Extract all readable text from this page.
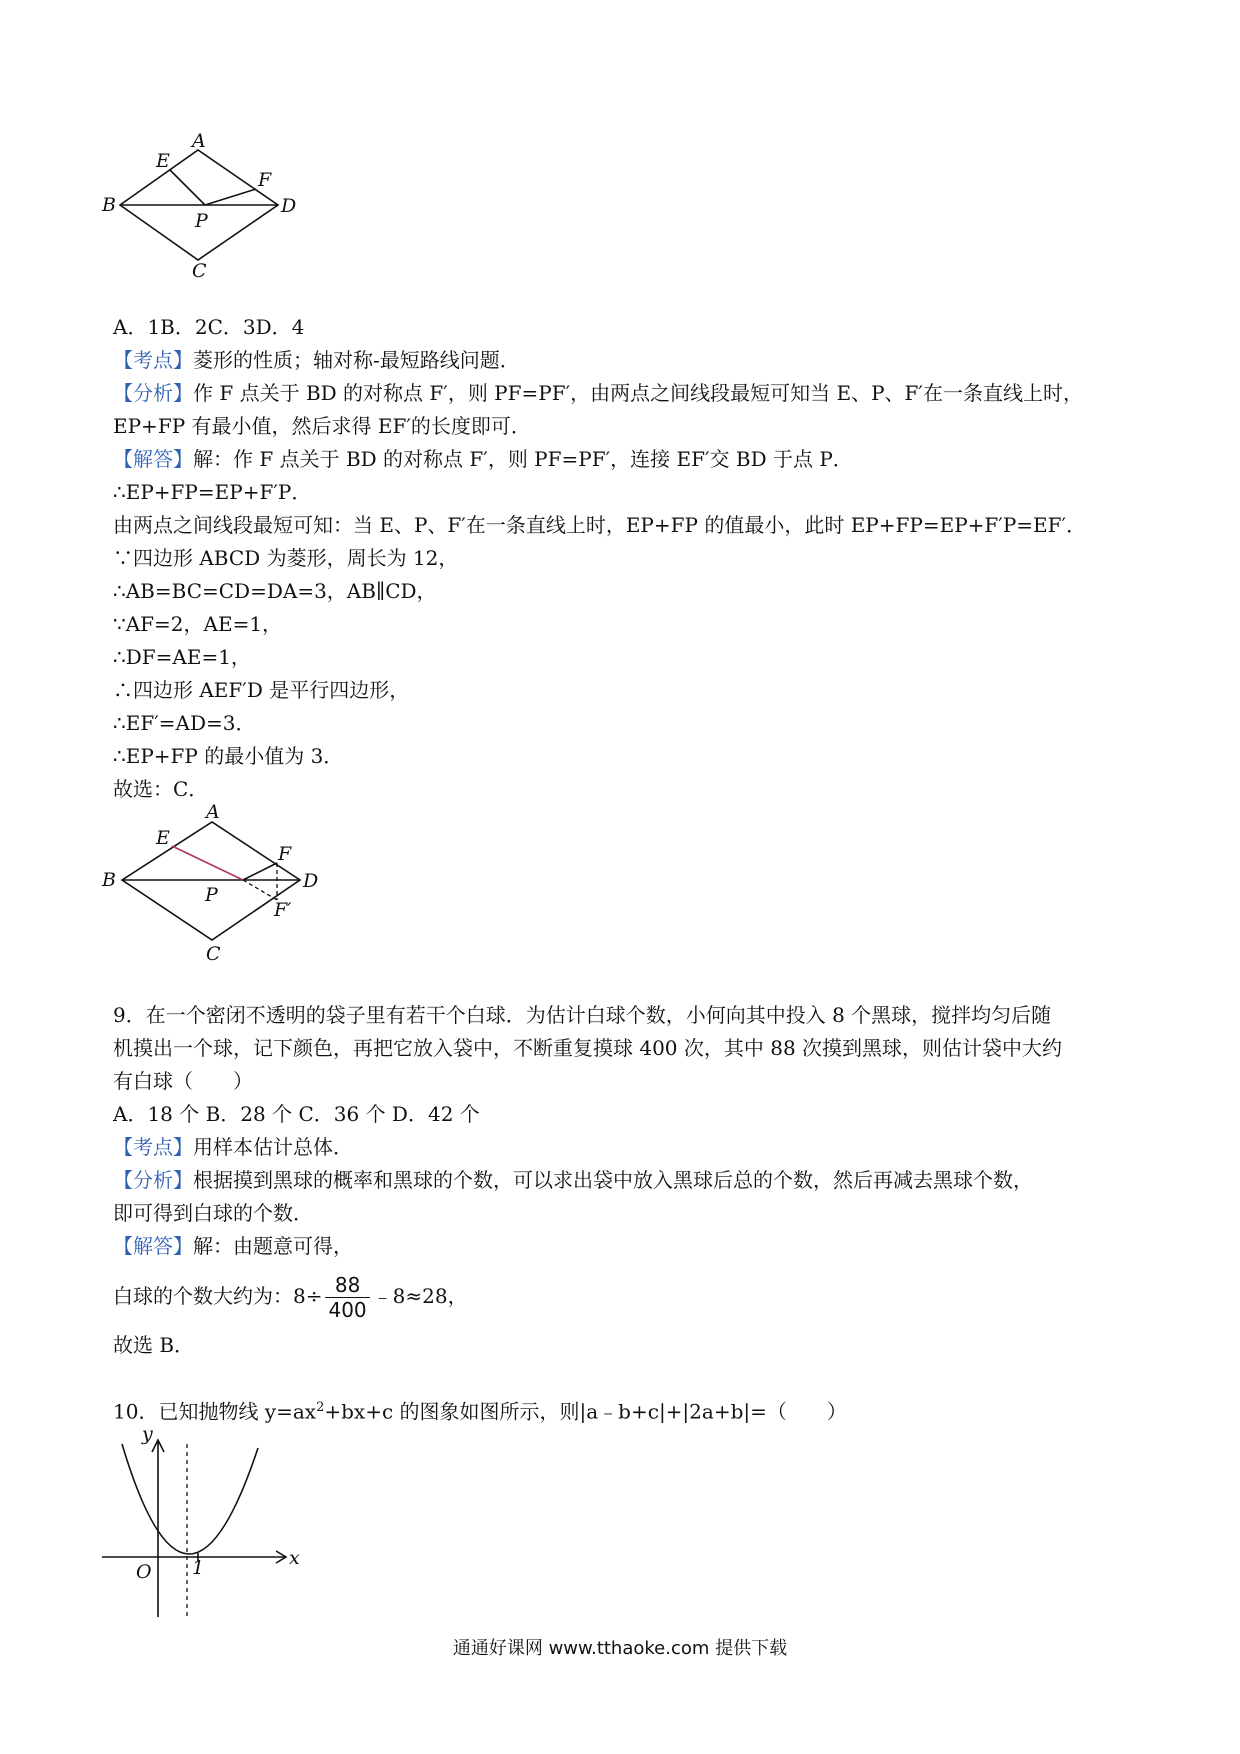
A
E
F
B
P
D
C
A．1B．2C．3D．4
【考点】菱形的性质；轴对称-最短路线问题．
【分析】作 F 点关于 BD 的对称点 F′，则 PF=PF′，由两点之间线段最短可知当 E、P、F′在一条直线上时，
EP+FP 有最小值，然后求得 EF′的长度即可．
【解答】解：作 F 点关于 BD 的对称点 F′，则 PF=PF′，连接 EF′交 BD 于点 P．
∴EP+FP=EP+F′P．
由两点之间线段最短可知：当 E、P、F′在一条直线上时，EP+FP 的值最小，此时 EP+FP=EP+F′P=EF′．
∵四边形 ABCD 为菱形，周长为 12，
∴AB=BC=CD=DA=3，AB∥CD，
∵AF=2，AE=1，
∴DF=AE=1，
∴四边形 AEF′D 是平行四边形，
∴EF′=AD=3．
∴EP+FP 的最小值为 3．
故选：C．
A
E
F
B
P
D
F′
C
9．在一个密闭不透明的袋子里有若干个白球．为估计白球个数，小何向其中投入 8 个黑球，搅拌均匀后随
机摸出一个球，记下颜色，再把它放入袋中，不断重复摸球 400 次，其中 88 次摸到黑球，则估计袋中大约
有白球（　　）
A．18 个 B．28 个 C．36 个 D．42 个
【考点】用样本估计总体．
【分析】根据摸到黑球的概率和黑球的个数，可以求出袋中放入黑球后总的个数，然后再减去黑球个数，
即可得到白球的个数．
【解答】解：由题意可得，
白球的个数大约为：$8\div \frac{88}{400}$ ﹣8≈28，
故选 B．
10．已知抛物线 $y=ax^2+bx+c$ 的图象如图所示，则|a﹣b+c|+|2a+b|=（　　）
y
x
O 1
通通好课网 www.tthaoke.com 提供下载
